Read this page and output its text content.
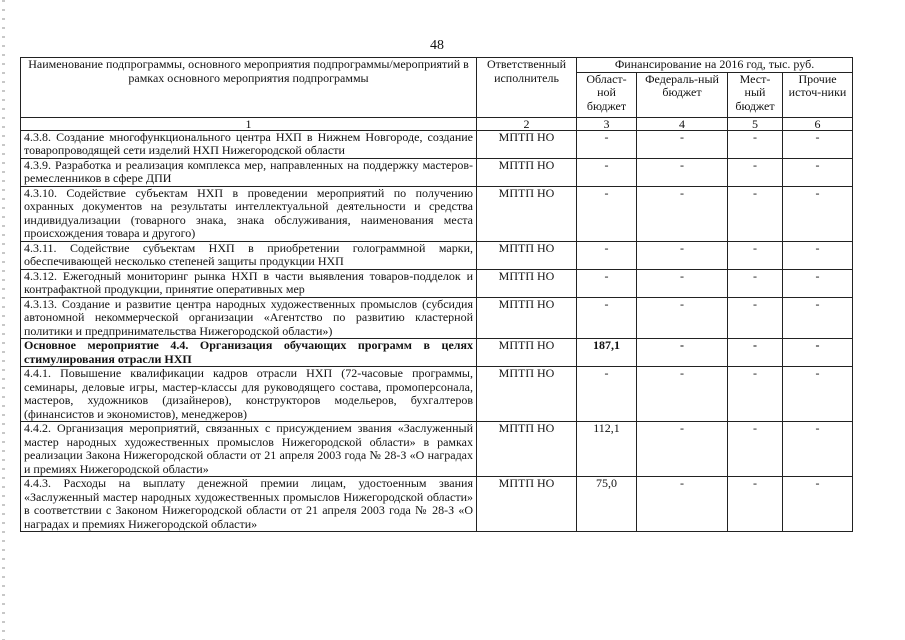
48
Наименование подпрограммы, основного мероприятия подпрограммы/мероприятий в рамках основного мероприятия подпрограммы	Ответственный исполнитель	Финансирование на 2016 год, тыс. руб.			
		Област-ной бюджет	Федераль-ный бюджет	Мест-ный бюджет	Прочие источ-ники
1	2	3	4	5	6
4.3.8. Создание многофункционального центра НХП в Нижнем Новгороде, создание товаропроводящей сети изделий НХП Нижегородской области	МПТП НО	-	-	-	-
4.3.9. Разработка и реализация комплекса мер, направленных на поддержку мастеров-ремесленников в сфере ДПИ	МПТП НО	-	-	-	-
4.3.10. Содействие субъектам НХП в проведении мероприятий по получению охранных документов на результаты интеллектуальной деятельности и средства индивидуализации (товарного знака, знака обслуживания, наименования места происхождения товара и другого)	МПТП НО	-	-	-	-
4.3.11. Содействие субъектам НХП в приобретении голограммной марки, обеспечивающей несколько степеней защиты продукции НХП	МПТП НО	-	-	-	-
4.3.12. Ежегодный мониторинг рынка НХП в части выявления товаров-подделок и контрафактной продукции, принятие оперативных мер	МПТП НО	-	-	-	-
4.3.13. Создание и развитие центра народных художественных промыслов (субсидия автономной некоммерческой организации «Агентство по развитию кластерной политики и предпринимательства Нижегородской области»)	МПТП НО	-	-	-	-
Основное мероприятие 4.4. Организация обучающих программ в целях стимулирования отрасли НХП	МПТП НО	187,1	-	-	-
4.4.1. Повышение квалификации кадров отрасли НХП (72-часовые программы, семинары, деловые игры, мастер-классы для руководящего состава, промоперсонала, мастеров, художников (дизайнеров), конструкторов модельеров, бухгалтеров (финансистов и экономистов), менеджеров)	МПТП НО	-	-	-	-
4.4.2. Организация мероприятий, связанных с присуждением звания «Заслуженный мастер народных художественных промыслов Нижегородской области» в рамках реализации Закона Нижегородской области от 21 апреля 2003 года № 28-З «О наградах и премиях Нижегородской области»	МПТП НО	112,1	-	-	-
4.4.3. Расходы на выплату денежной премии лицам, удостоенным звания «Заслуженный мастер народных художественных промыслов Нижегородской области» в соответствии с Законом Нижегородской области от 21 апреля 2003 года № 28-З «О наградах и премиях Нижегородской области»	МПТП НО	75,0	-	-	-
